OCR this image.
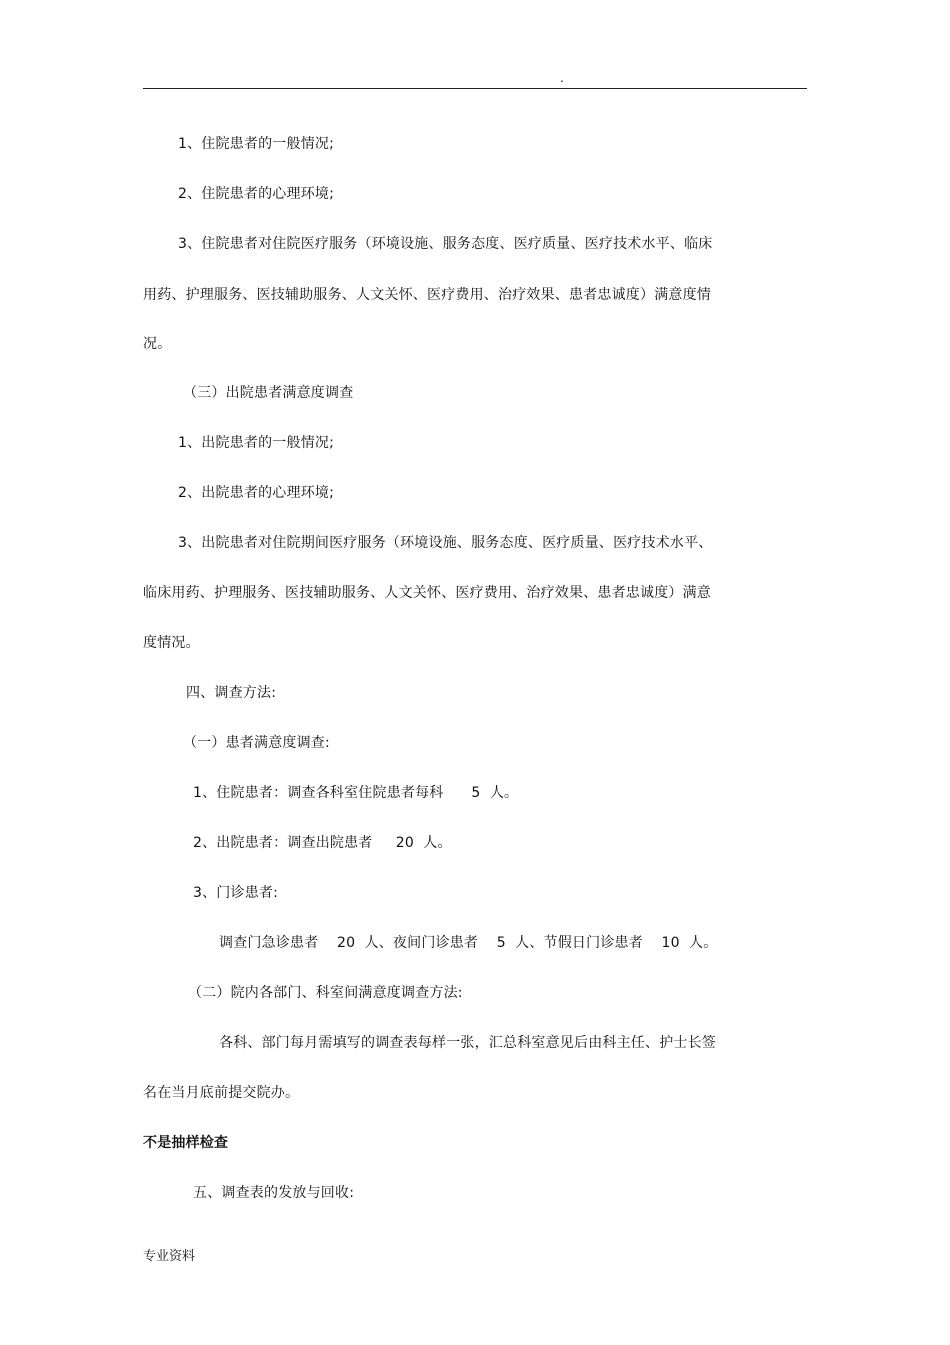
.
1、住院患者的一般情况;
2、住院患者的心理环境;
3、住院患者对住院医疗服务（环境设施、服务态度、医疗质量、医疗技术水平、临床
用药、护理服务、医技辅助服务、人文关怀、医疗费用、治疗效果、患者忠诚度）满意度情
况。
（三）出院患者满意度调查
1、出院患者的一般情况;
2、出院患者的心理环境;
3、出院患者对住院期间医疗服务（环境设施、服务态度、医疗质量、医疗技术水平、
临床用药、护理服务、医技辅助服务、人文关怀、医疗费用、治疗效果、患者忠诚度）满意
度情况。
四、调查方法:
（一）患者满意度调查:
1、住院患者：调查各科室住院患者每科      5  人。
2、出院患者：调查出院患者     20  人。
3、门诊患者:
调查门急诊患者    20  人、夜间门诊患者    5  人、节假日门诊患者    10  人。
（二）院内各部门、科室间满意度调查方法:
各科、部门每月需填写的调查表每样一张，汇总科室意见后由科主任、护士长签
名在当月底前提交院办。
不是抽样检查
五、调查表的发放与回收:
专业资料
